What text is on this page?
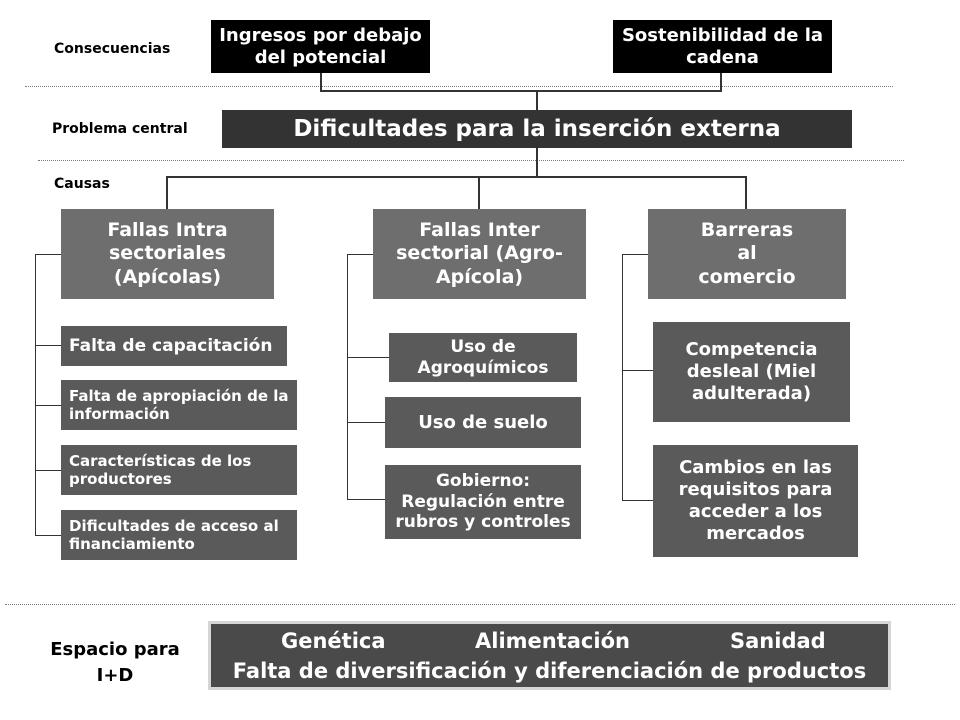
Consecuencias
Problema central
Causas
Espacio para I+D
Ingresos por debajo del potencial
Sostenibilidad de la cadena
Dificultades para la inserción externa
Fallas Intra sectoriales (Apícolas)
Fallas Inter sectorial (Agro-Apícola)
Barreras al comercio
Falta de capacitación
Falta de apropiación de la información
Características de los productores
Dificultades de acceso al financiamiento
Uso de Agroquímicos
Uso de suelo
Gobierno: Regulación entre rubros y controles
Competencia desleal (Miel adulterada)
Cambios en las requisitos para acceder a los mercados
Genética	Alimentación	Sanidad
Falta de diversificación y diferenciación de productos
